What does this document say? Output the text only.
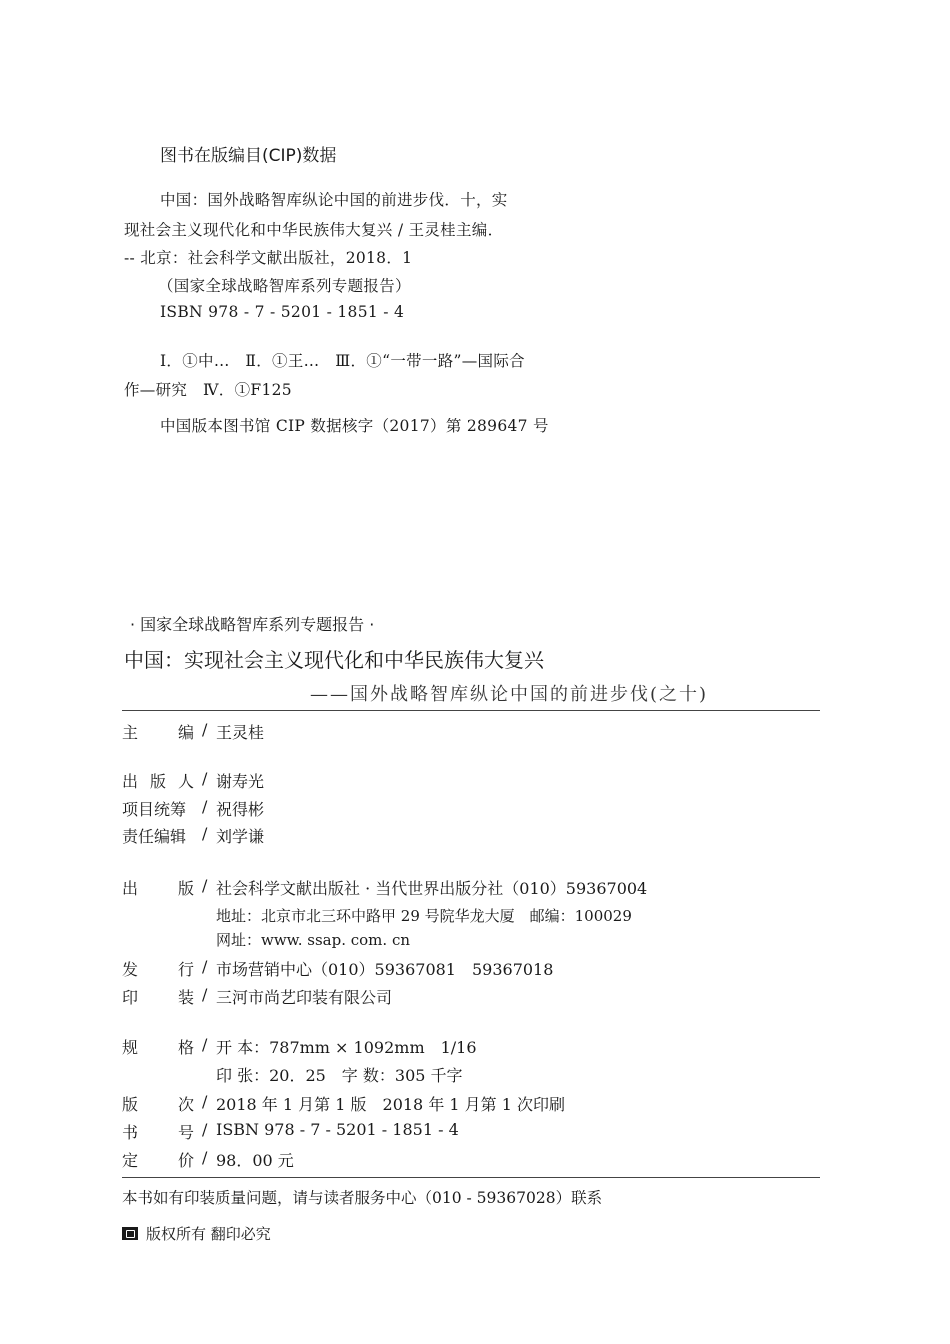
图书在版编目(CIP)数据
中国：国外战略智库纵论中国的前进步伐．十，实
现社会主义现代化和中华民族伟大复兴 / 王灵桂主编．
-- 北京：社会科学文献出版社，2018．1
（国家全球战略智库系列专题报告）
ISBN 978 - 7 - 5201 - 1851 - 4
Ⅰ．①中…　Ⅱ．①王…　Ⅲ．①“一带一路”—国际合
作—研究　Ⅳ．①F125
中国版本图书馆 CIP 数据核字（2017）第 289647 号
· 国家全球战略智库系列专题报告 ·
中国：实现社会主义现代化和中华民族伟大复兴
——国外战略智库纵论中国的前进步伐(之十)
主 编 / 王灵桂
出 版 人 / 谢寿光
项目统筹 / 祝得彬
责任编辑 / 刘学谦
出 版 / 社会科学文献出版社 · 当代世界出版分社（010）59367004
地址：北京市北三环中路甲 29 号院华龙大厦　邮编：100029
网址：www. ssap. com. cn
发 行 / 市场营销中心（010）59367081　59367018
印 装 / 三河市尚艺印装有限公司
规 格 / 开 本：787mm × 1092mm　1/16
印 张：20．25　字 数：305 千字
版 次 / 2018 年 1 月第 1 版　2018 年 1 月第 1 次印刷
书 号 / ISBN 978 - 7 - 5201 - 1851 - 4
定 价 / 98．00 元
本书如有印装质量问题，请与读者服务中心（010 - 59367028）联系
版权所有 翻印必究
